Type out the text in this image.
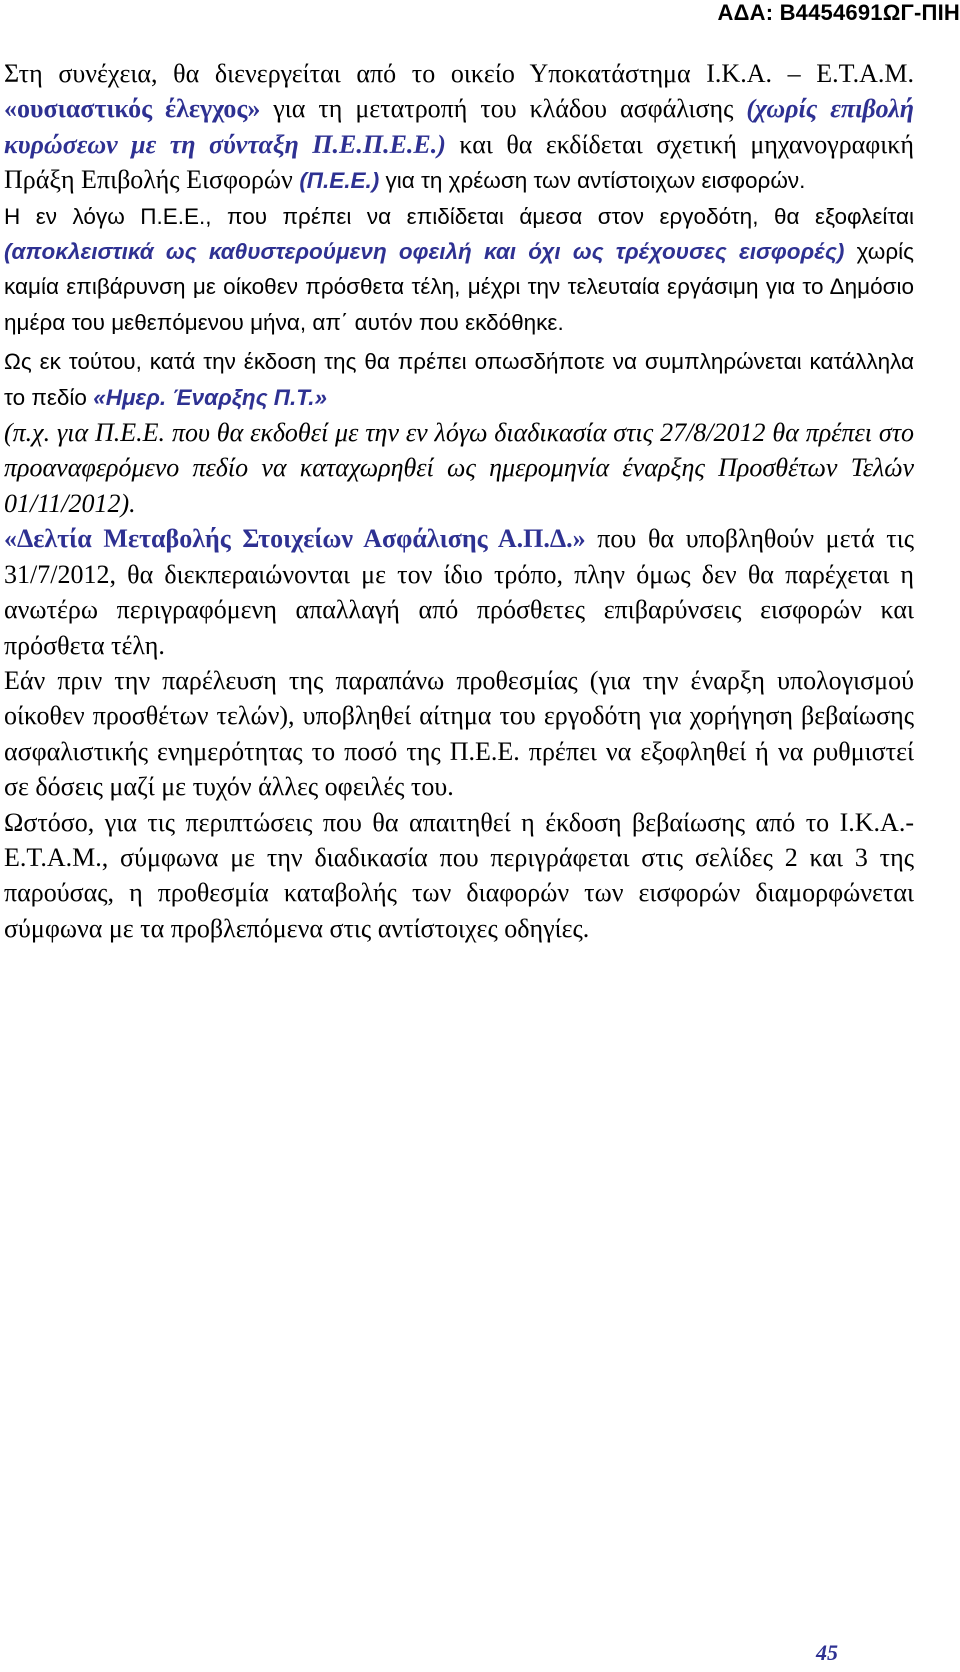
ΑΔΑ: Β4454691ΩΓ-ΠΙΗ

Στη συνέχεια, θα διενεργείται από το οικείο Υποκατάστημα Ι.Κ.Α. – Ε.Τ.Α.Μ. «ουσιαστικός έλεγχος» για τη μετατροπή του κλάδου ασφάλισης (χωρίς επιβολή κυρώσεων με τη σύνταξη Π.Ε.Π.Ε.Ε.) και θα εκδίδεται σχετική μηχανογραφική Πράξη Επιβολής Εισφορών (Π.Ε.Ε.) για τη χρέωση των αντίστοιχων εισφορών.

Η εν λόγω Π.Ε.Ε., που πρέπει να επιδίδεται άμεσα στον εργοδότη, θα εξοφλείται (αποκλειστικά ως καθυστερούμενη οφειλή και όχι ως τρέχουσες εισφορές) χωρίς καμία επιβάρυνση με οίκοθεν πρόσθετα τέλη, μέχρι την τελευταία εργάσιμη για το Δημόσιο ημέρα του μεθεπόμενου μήνα, απ΄ αυτόν που εκδόθηκε.

Ως εκ τούτου, κατά την έκδοση της θα πρέπει οπωσδήποτε να συμπληρώνεται κατάλληλα το πεδίο «Ημερ. Έναρξης Π.Τ.»

(π.χ. για Π.Ε.Ε. που θα εκδοθεί με την εν λόγω διαδικασία στις 27/8/2012 θα πρέπει στο προαναφερόμενο πεδίο να καταχωρηθεί ως ημερομηνία έναρξης Προσθέτων Τελών 01/11/2012).

«Δελτία Μεταβολής Στοιχείων Ασφάλισης Α.Π.Δ.» που θα υποβληθούν μετά τις 31/7/2012, θα διεκπεραιώνονται με τον ίδιο τρόπο, πλην όμως δεν θα παρέχεται η ανωτέρω περιγραφόμενη απαλλαγή από πρόσθετες επιβαρύνσεις εισφορών και πρόσθετα τέλη.

Εάν πριν την παρέλευση της παραπάνω προθεσμίας (για την έναρξη υπολογισμού οίκοθεν προσθέτων τελών), υποβληθεί αίτημα του εργοδότη για χορήγηση βεβαίωσης ασφαλιστικής ενημερότητας το ποσό της Π.Ε.Ε. πρέπει να εξοφληθεί ή να ρυθμιστεί σε δόσεις μαζί με τυχόν άλλες οφειλές του.

Ωστόσο, για τις περιπτώσεις που θα απαιτηθεί η έκδοση βεβαίωσης από το Ι.Κ.Α.- Ε.Τ.Α.Μ., σύμφωνα με την διαδικασία που περιγράφεται στις σελίδες 2 και 3 της παρούσας, η προθεσμία καταβολής των διαφορών των εισφορών διαμορφώνεται σύμφωνα με τα προβλεπόμενα στις αντίστοιχες οδηγίες.

45
